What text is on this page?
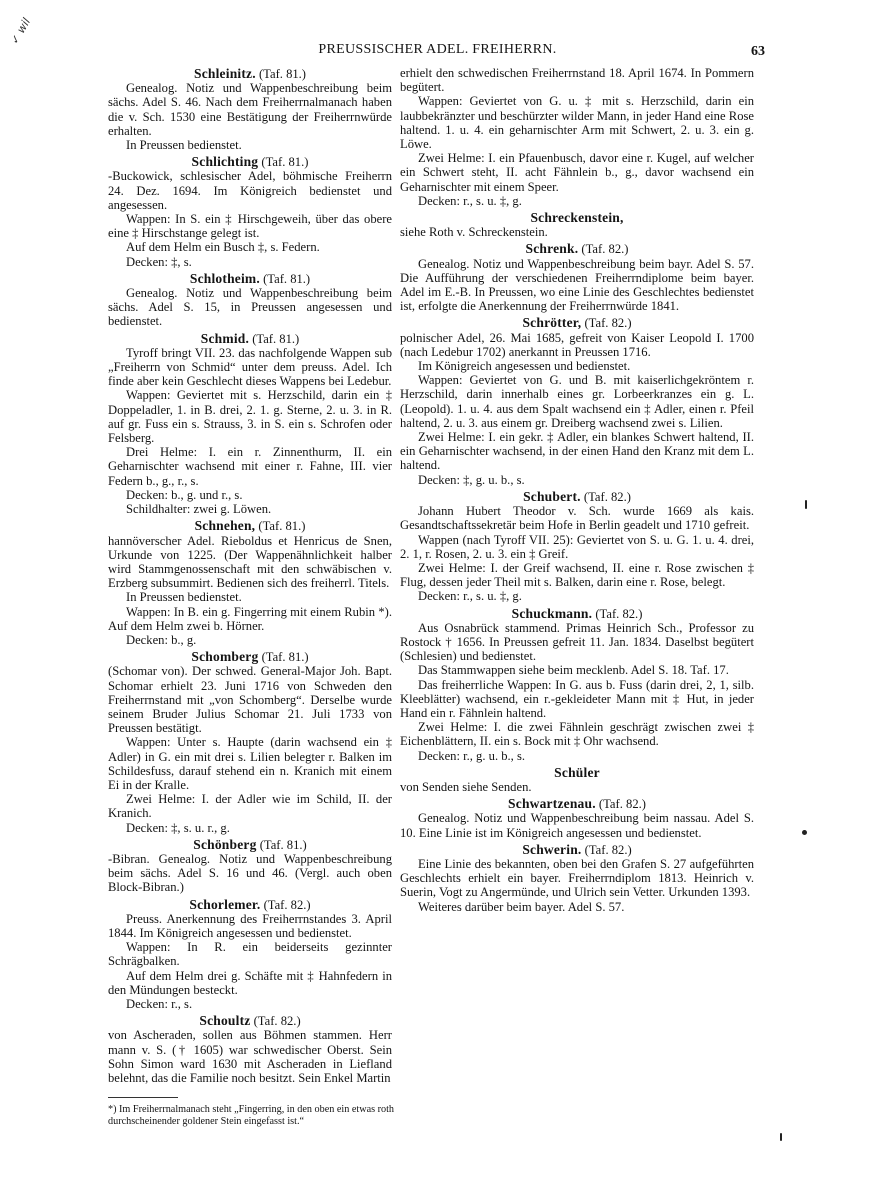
✓ wil
PREUSSISCHER ADEL. FREIHERRN.	63
Schleinitz. (Taf. 81.)

Genealog. Notiz und Wappenbeschreibung beim sächs. Adel S. 46. Nach dem Freiherrnalmanach haben die v. Sch. 1530 eine Bestätigung der Freiherrnwürde erhalten.

In Preussen bedienstet.

Schlichting (Taf. 81.)

-Buckowick, schlesischer Adel, böhmische Freiherrn 24. Dez. 1694. Im Königreich bedienstet und angesessen.

Wappen: In S. ein ‡ Hirschgeweih, über das obere eine ‡ Hirschstange gelegt ist.

Auf dem Helm ein Busch ‡, s. Federn.

Decken: ‡, s.

Schlotheim. (Taf. 81.)

Genealog. Notiz und Wappenbeschreibung beim sächs. Adel S. 15, in Preussen angesessen und bedienstet.

Schmid. (Taf. 81.)

Tyroff bringt VII. 23. das nachfolgende Wappen sub „Freiherrn von Schmid“ unter dem preuss. Adel. Ich finde aber kein Geschlecht dieses Wappens bei Ledebur.

Wappen: Geviertet mit s. Herzschild, darin ein ‡ Doppeladler, 1. in B. drei, 2. 1. g. Sterne, 2. u. 3. in R. auf gr. Fuss ein s. Strauss, 3. in S. ein s. Schrofen oder Felsberg.

Drei Helme: I. ein r. Zinnenthurm, II. ein Geharnischter wachsend mit einer r. Fahne, III. vier Federn b., g., r., s.

Decken: b., g. und r., s.

Schildhalter: zwei g. Löwen.

Schnehen, (Taf. 81.)

hannöverscher Adel. Rieboldus et Henricus de Snen, Urkunde von 1225. (Der Wappenähnlichkeit halber wird Stammgenossenschaft mit den schwäbischen v. Erzberg subsummirt. Bedienen sich des freiherrl. Titels.

In Preussen bedienstet.

Wappen: In B. ein g. Fingerring mit einem Rubin *). Auf dem Helm zwei b. Hörner.

Decken: b., g.

Schomberg (Taf. 81.)

(Schomar von). Der schwed. General-Major Joh. Bapt. Schomar erhielt 23. Juni 1716 von Schweden den Freiherrnstand mit „von Schomberg“. Derselbe wurde seinem Bruder Julius Schomar 21. Juli 1733 von Preussen bestätigt.

Wappen: Unter s. Haupte (darin wachsend ein ‡ Adler) in G. ein mit drei s. Lilien belegter r. Balken im Schildesfuss, darauf stehend ein n. Kranich mit einem Ei in der Kralle.

Zwei Helme: I. der Adler wie im Schild, II. der Kranich.

Decken: ‡, s. u. r., g.

Schönberg (Taf. 81.)

-Bibran. Genealog. Notiz und Wappenbeschreibung beim sächs. Adel S. 16 und 46. (Vergl. auch oben Block-Bibran.)

Schorlemer. (Taf. 82.)

Preuss. Anerkennung des Freiherrnstandes 3. April 1844. Im Königreich angesessen und bedienstet.

Wappen: In R. ein beiderseits gezinnter Schrägbalken.

Auf dem Helm drei g. Schäfte mit ‡ Hahnfedern in den Mündungen besteckt.

Decken: r., s.

Schoultz (Taf. 82.)

von Ascheraden, sollen aus Böhmen stammen. Herr mann v. S. († 1605) war schwedischer Oberst. Sein Sohn Simon ward 1630 mit Ascheraden in Liefland belehnt, das die Familie noch besitzt. Sein Enkel Martin

erhielt den schwedischen Freiherrnstand 18. April 1674. In Pommern begütert.

Wappen: Geviertet von G. u. ‡ mit s. Herzschild, darin ein laubbekränzter und beschürzter wilder Mann, in jeder Hand eine Rose haltend. 1. u. 4. ein geharnischter Arm mit Schwert, 2. u. 3. ein g. Löwe.

Zwei Helme: I. ein Pfauenbusch, davor eine r. Kugel, auf welcher ein Schwert steht, II. acht Fähnlein b., g., davor wachsend ein Geharnischter mit einem Speer.

Decken: r., s. u. ‡, g.

Schreckenstein,

siehe Roth v. Schreckenstein.

Schrenk. (Taf. 82.)

Genealog. Notiz und Wappenbeschreibung beim bayr. Adel S. 57. Die Aufführung der verschiedenen Freiherrndiplome beim bayer. Adel im E.-B. In Preussen, wo eine Linie des Geschlechtes bedienstet ist, erfolgte die Anerkennung der Freiherrnwürde 1841.

Schrötter, (Taf. 82.)

polnischer Adel, 26. Mai 1685, gefreit von Kaiser Leopold I. 1700 (nach Ledebur 1702) anerkannt in Preussen 1716.

Im Königreich angesessen und bedienstet.

Wappen: Geviertet von G. und B. mit kaiserlichgekröntem r. Herzschild, darin innerhalb eines gr. Lorbeerkranzes ein g. L. (Leopold). 1. u. 4. aus dem Spalt wachsend ein ‡ Adler, einen r. Pfeil haltend, 2. u. 3. aus einem gr. Dreiberg wachsend zwei s. Lilien.

Zwei Helme: I. ein gekr. ‡ Adler, ein blankes Schwert haltend, II. ein Geharnischter wachsend, in der einen Hand den Kranz mit dem L. haltend.

Decken: ‡, g. u. b., s.

Schubert. (Taf. 82.)

Johann Hubert Theodor v. Sch. wurde 1669 als kais. Gesandtschaftssekretär beim Hofe in Berlin geadelt und 1710 gefreit.

Wappen (nach Tyroff VII. 25): Geviertet von S. u. G. 1. u. 4. drei, 2. 1, r. Rosen, 2. u. 3. ein ‡ Greif.

Zwei Helme: I. der Greif wachsend, II. eine r. Rose zwischen ‡ Flug, dessen jeder Theil mit s. Balken, darin eine r. Rose, belegt.

Decken: r., s. u. ‡, g.

Schuckmann. (Taf. 82.)

Aus Osnabrück stammend. Primas Heinrich Sch., Professor zu Rostock † 1656. In Preussen gefreit 11. Jan. 1834. Daselbst begütert (Schlesien) und bedienstet.

Das Stammwappen siehe beim mecklenb. Adel S. 18. Taf. 17.

Das freiherrliche Wappen: In G. aus b. Fuss (darin drei, 2, 1, silb. Kleeblätter) wachsend, ein r.-gekleideter Mann mit ‡ Hut, in jeder Hand ein r. Fähnlein haltend.

Zwei Helme: I. die zwei Fähnlein geschrägt zwischen zwei ‡ Eichenblättern, II. ein s. Bock mit ‡ Ohr wachsend.

Decken: r., g. u. b., s.

Schüler

von Senden siehe Senden.

Schwartzenau. (Taf. 82.)

Genealog. Notiz und Wappenbeschreibung beim nassau. Adel S. 10. Eine Linie ist im Königreich angesessen und bedienstet.

Schwerin. (Taf. 82.)

Eine Linie des bekannten, oben bei den Grafen S. 27 aufgeführten Geschlechts erhielt ein bayer. Freiherrndiplom 1813. Heinrich v. Suerin, Vogt zu Angermünde, und Ulrich sein Vetter. Urkunden 1393.

Weiteres darüber beim bayer. Adel S. 57.

*) Im Freiherrnalmanach steht „Fingerring, in den oben ein etwas roth durchscheinender goldener Stein eingefasst ist.“
